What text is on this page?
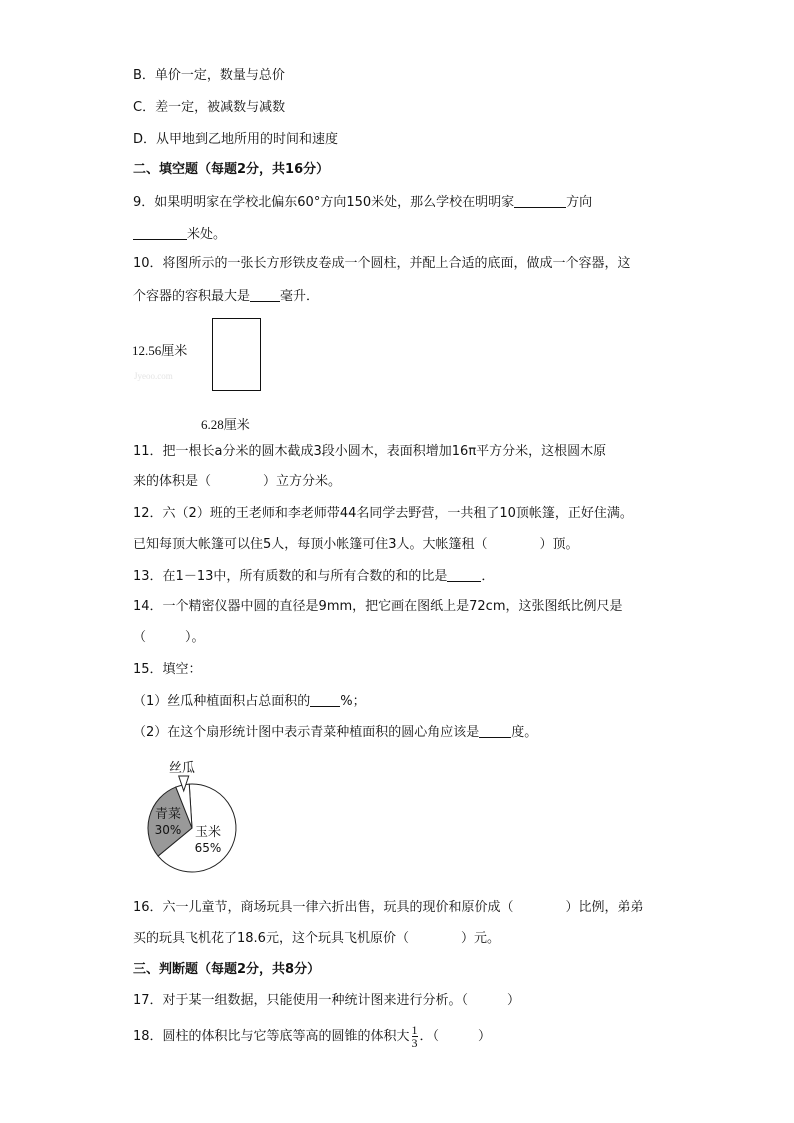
B．单价一定，数量与总价
C．差一定，被减数与减数
D．从甲地到乙地所用的时间和速度
二、填空题（每题2分，共16分）
9．如果明明家在学校北偏东60°方向150米处，那么学校在明明家	方向
米处。
10．将图所示的一张长方形铁皮卷成一个圆柱，并配上合适的底面，做成一个容器，这
个容器的容积最大是 毫升．
12.56厘米
Jyeoo.com
6.28厘米
11．把一根长a分米的圆木截成3段小圆木，表面积增加16π平方分米，这根圆木原
来的体积是（　　　　）立方分米。
12．六（2）班的王老师和李老师带44名同学去野营，一共租了10顶帐篷，正好住满。
已知每顶大帐篷可以住5人，每顶小帐篷可住3人。大帐篷租（　　　　）顶。
13．在1－13中，所有质数的和与所有合数的和的比是	．
14．一个精密仪器中圆的直径是9mm，把它画在图纸上是72cm，这张图纸比例尺是
（　　　）。
15．填空：
（1）丝瓜种植面积占总面积的 %；
（2）在这个扇形统计图中表示青菜种植面积的圆心角应该是 度。
玉米
65%
青菜
30%
丝瓜
16．六一儿童节，商场玩具一律六折出售，玩具的现价和原价成（　　　　）比例，弟弟
买的玩具飞机花了18.6元，这个玩具飞机原价（　　　　）元。
三、判断题（每题2分，共8分）
17．对于某一组数据，只能使用一种统计图来进行分析。（　　　）
18．圆柱的体积比与它等底等高的圆锥的体积大 $\frac{1}{3}$ ．（　　　）
